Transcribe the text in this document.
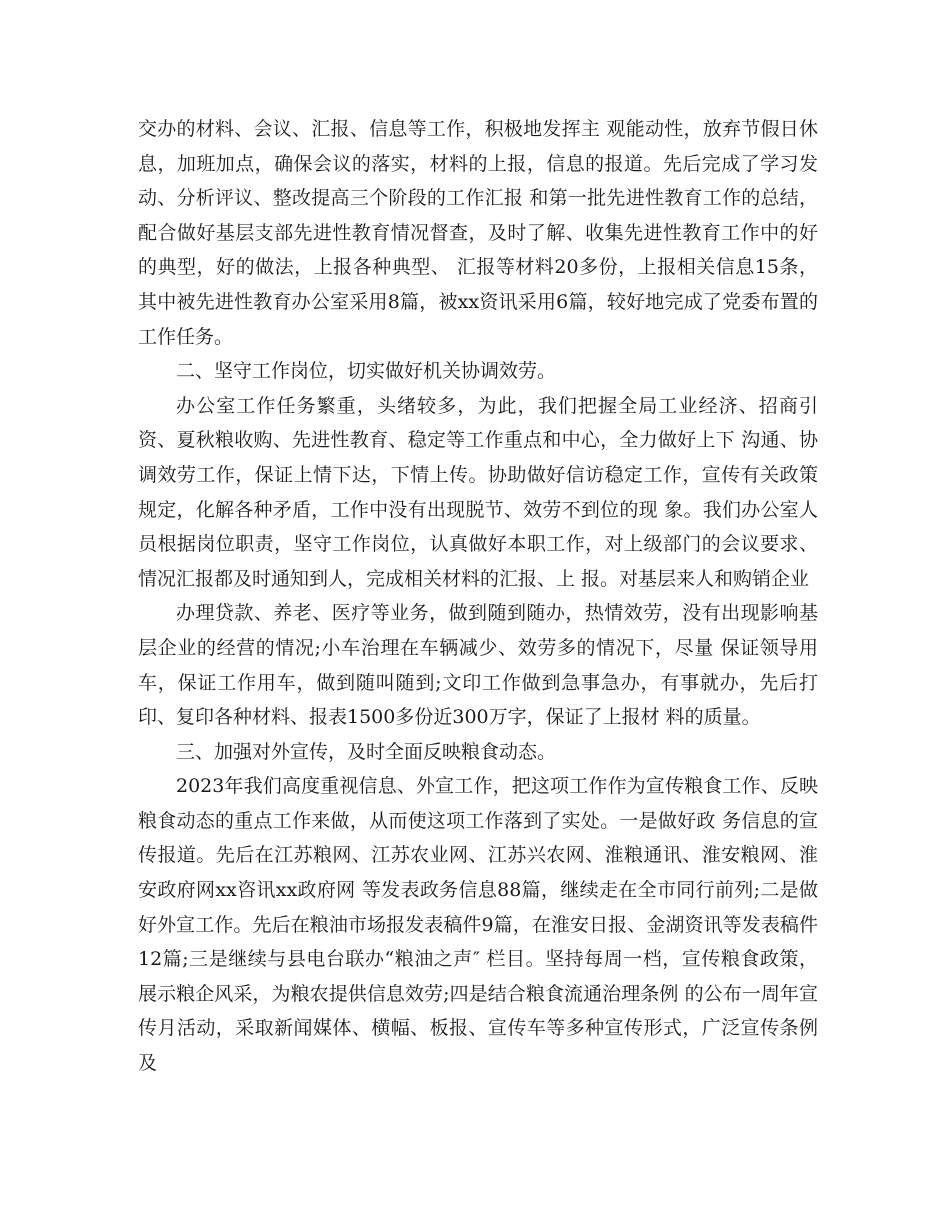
交办的材料、会议、汇报、信息等工作，积极地发挥主 观能动性，放弃节假日休息，加班加点，确保会议的落实，材料的上报，信息的报道。先后完成了学习发动、分析评议、整改提高三个阶段的工作汇报 和第一批先进性教育工作的总结，配合做好基层支部先进性教育情况督查，及时了解、收集先进性教育工作中的好的典型，好的做法，上报各种典型、 汇报等材料20多份，上报相关信息15条，其中被先进性教育办公室采用8篇，被xx资讯采用6篇，较好地完成了党委布置的工作任务。

二、坚守工作岗位，切实做好机关协调效劳。

办公室工作任务繁重，头绪较多，为此，我们把握全局工业经济、招商引资、夏秋粮收购、先进性教育、稳定等工作重点和中心，全力做好上下 沟通、协调效劳工作，保证上情下达，下情上传。协助做好信访稳定工作，宣传有关政策规定，化解各种矛盾，工作中没有出现脱节、效劳不到位的现 象。我们办公室人员根据岗位职责，坚守工作岗位，认真做好本职工作，对上级部门的会议要求、情况汇报都及时通知到人，完成相关材料的汇报、上 报。对基层来人和购销企业

办理贷款、养老、医疗等业务，做到随到随办，热情效劳，没有出现影响基层企业的经营的情况;小车治理在车辆减少、效劳多的情况下，尽量 保证领导用车，保证工作用车，做到随叫随到;文印工作做到急事急办，有事就办，先后打印、复印各种材料、报表1500多份近300万字，保证了上报材 料的质量。

三、加强对外宣传，及时全面反映粮食动态。

2023年我们高度重视信息、外宣工作，把这项工作作为宣传粮食工作、反映粮食动态的重点工作来做，从而使这项工作落到了实处。一是做好政 务信息的宣传报道。先后在江苏粮网、江苏农业网、江苏兴农网、淮粮通讯、淮安粮网、淮安政府网xx咨讯xx政府网 等发表政务信息88篇，继续走在全市同行前列;二是做好外宣工作。先后在粮油市场报发表稿件9篇，在淮安日报、金湖资讯等发表稿件12篇;三是继续与县电台联办“粮油之声″ 栏目。坚持每周一档，宣传粮食政策，展示粮企风采，为粮农提供信息效劳;四是结合粮食流通治理条例 的公布一周年宣传月活动，采取新闻媒体、横幅、板报、宣传车等多种宣传形式，广泛宣传条例及
